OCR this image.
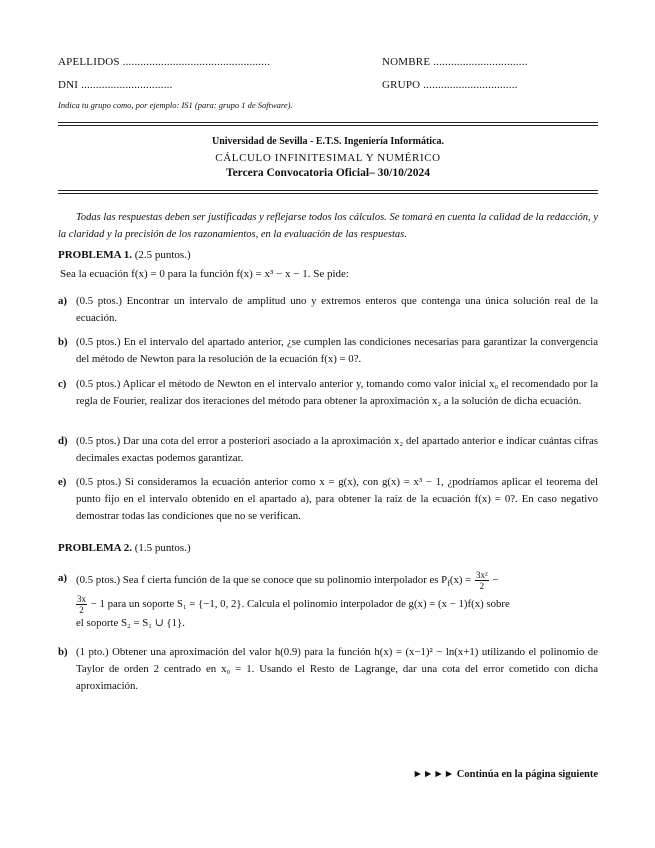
APELLIDOS ..................................................	NOMBRE ................................
DNI ...............................	GRUPO ................................
Indica tu grupo como, por ejemplo: IS1 (para: grupo 1 de Software).
Universidad de Sevilla - E.T.S. Ingeniería Informática.
CÁLCULO INFINITESIMAL Y NUMÉRICO
Tercera Convocatoria Oficial– 30/10/2024
Todas las respuestas deben ser justificadas y reflejarse todos los cálculos. Se tomará en cuenta la calidad de la redacción, y la claridad y la precisión de los razonamientos, en la evaluación de las respuestas.
PROBLEMA 1. (2.5 puntos.)
Sea la ecuación f(x) = 0 para la función f(x) = x³ − x − 1. Se pide:
a) (0.5 ptos.) Encontrar un intervalo de amplitud uno y extremos enteros que contenga una única solución real de la ecuación.
b) (0.5 ptos.) En el intervalo del apartado anterior, ¿se cumplen las condiciones necesarias para garantizar la convergencia del método de Newton para la resolución de la ecuación f(x) = 0?.
c) (0.5 ptos.) Aplicar el método de Newton en el intervalo anterior y, tomando como valor inicial x₀ el recomendado por la regla de Fourier, realizar dos iteraciones del método para obtener la aproximación x₂ a la solución de dicha ecuación.
d) (0.5 ptos.) Dar una cota del error a posteriori asociado a la aproximación x₂ del apartado anterior e indicar cuántas cifras decimales exactas podemos garantizar.
e) (0.5 ptos.) Si consideramos la ecuación anterior como x = g(x), con g(x) = x³ − 1, ¿podríamos aplicar el teorema del punto fijo en el intervalo obtenido en el apartado a), para obtener la raíz de la ecuación f(x) = 0?. En caso negativo demostrar todas las condiciones que no se verifican.
PROBLEMA 2. (1.5 puntos.)
a) (0.5 ptos.) Sea f cierta función de la que se conoce que su polinomio interpolador es $P_f(x) = \frac{\text{3x²}}{2}$ −
$\frac{3x}{2} - 1$ para un soporte S₁ = {−1, 0, 2}. Calcula el polinomio interpolador de g(x) = (x − 1)f(x) sobre
el soporte S₂ = S₁ ∪ {1}.
b) (1 pto.) Obtener una aproximación del valor h(0.9) para la función h(x) = (x−1)² − ln(x+1) utilizando el polinomio de Taylor de orden 2 centrado en x₀ = 1. Usando el Resto de Lagrange, dar una cota del error cometido con dicha aproximación.
►►►► Continúa en la página siguiente
